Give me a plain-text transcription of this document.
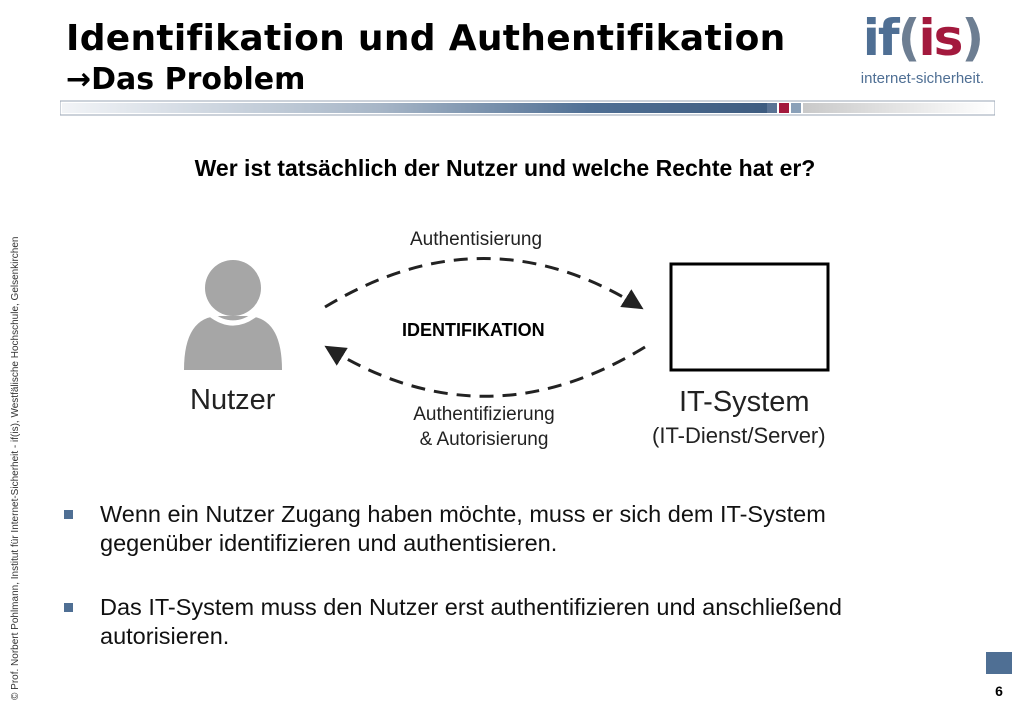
Identifikation und Authentifikation
→Das Problem
if(is)
internet-sicherheit.
© Prof. Norbert Pohlmann, Institut für Internet-Sicherheit - if(is), Westfälische Hochschule, Gelsenkirchen

Wer ist tatsächlich der Nutzer und welche Rechte hat er?

Authentisierung
IDENTIFIKATION
Nutzer	IT-System
(IT-Dienst/Server)
Authentifizierung
& Autorisierung
Wenn ein Nutzer Zugang haben möchte, muss er sich dem IT-System
gegenüber identifizieren und authentisieren.
Das IT-System muss den Nutzer erst authentifizieren und anschließend
autorisieren.
6
